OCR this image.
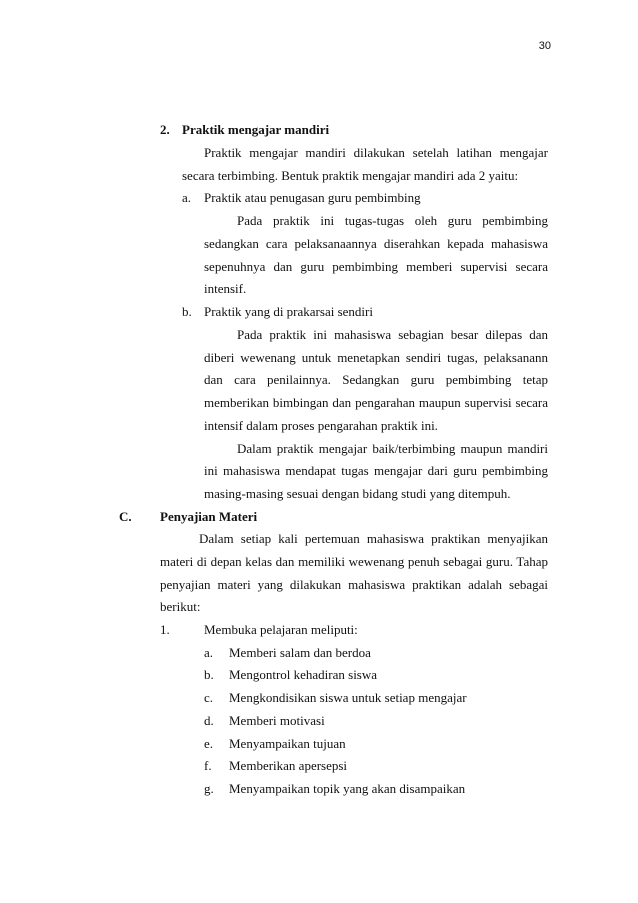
30
2. Praktik mengajar mandiri
Praktik mengajar mandiri dilakukan setelah latihan mengajar
secara terbimbing. Bentuk praktik mengajar mandiri ada 2 yaitu:
a. Praktik atau penugasan guru pembimbing
Pada praktik ini tugas-tugas oleh guru pembimbing
sedangkan cara pelaksanaannya diserahkan kepada mahasiswa
sepenuhnya dan guru pembimbing memberi supervisi secara
intensif.
b. Praktik yang di prakarsai sendiri
Pada praktik ini mahasiswa sebagian besar dilepas dan
diberi wewenang untuk menetapkan sendiri tugas, pelaksanann
dan cara penilainnya. Sedangkan guru pembimbing tetap
memberikan bimbingan dan pengarahan maupun supervisi secara
intensif dalam proses pengarahan praktik ini.
Dalam praktik mengajar baik/terbimbing maupun mandiri
ini mahasiswa mendapat tugas mengajar dari guru pembimbing
masing-masing sesuai dengan bidang studi yang ditempuh.
C. Penyajian Materi
Dalam setiap kali pertemuan mahasiswa praktikan menyajikan
materi di depan kelas dan memiliki wewenang penuh sebagai guru. Tahap
penyajian materi yang dilakukan mahasiswa praktikan adalah sebagai
berikut:
1.	Membuka pelajaran meliputi:
a. Memberi salam dan berdoa
b. Mengontrol kehadiran siswa
c. Mengkondisikan siswa untuk setiap mengajar
d. Memberi motivasi
e. Menyampaikan tujuan
f. Memberikan apersepsi
g. Menyampaikan topik yang akan disampaikan
